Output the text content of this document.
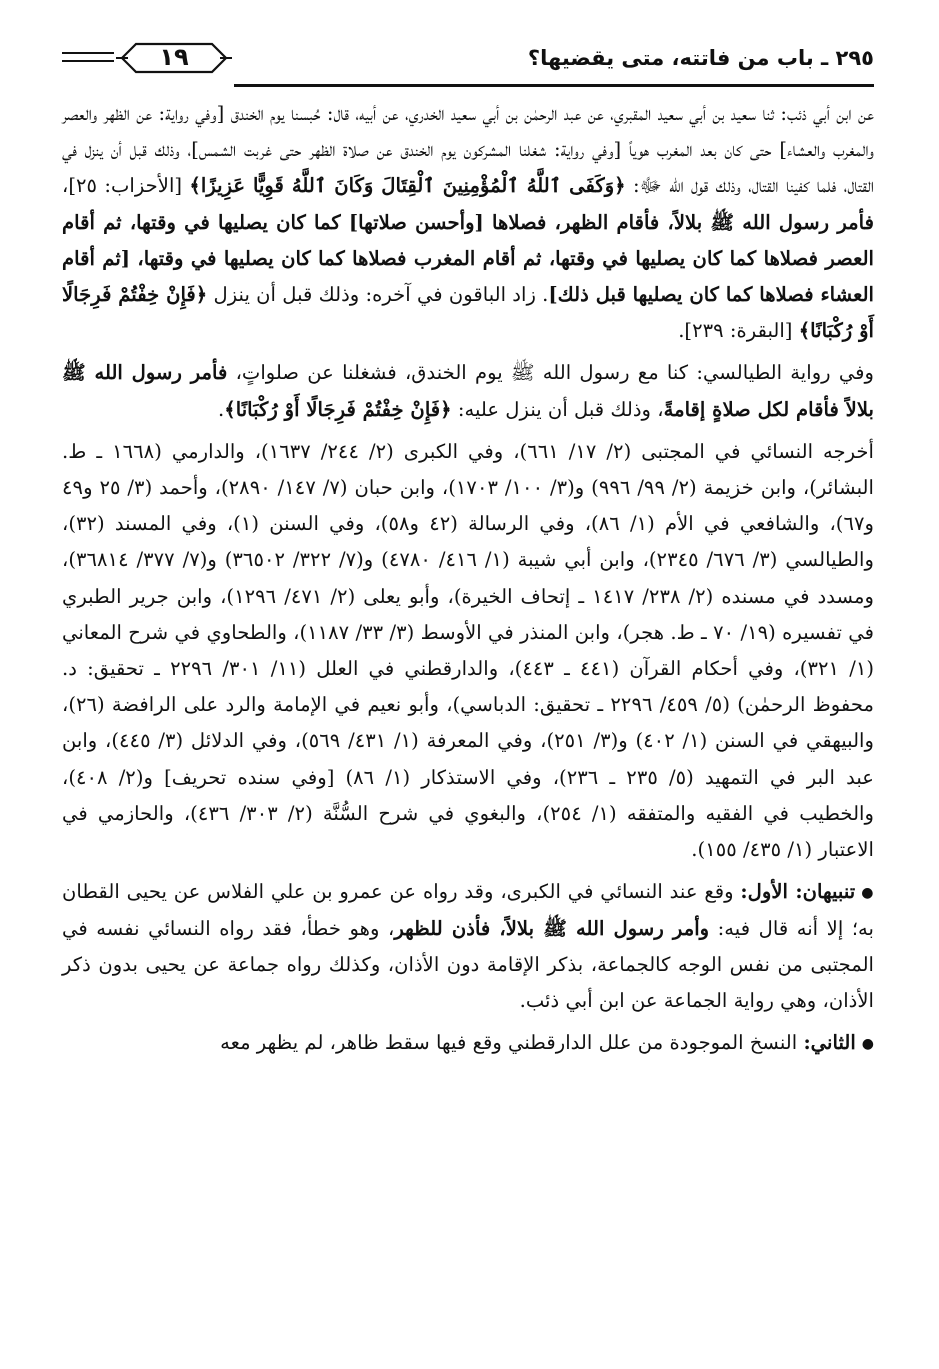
٢٩٥ ـ باب من فاتته، متى يقضيها؟
١٩

عن ابن أبي ذئب: ثنا سعيد بن أبي سعيد المقبري، عن عبد الرحمٰن بن أبي سعيد الخدري، عن أبيه، قال: حُبسنا يوم الخندق [وفي رواية: عن الظهر والعصر والمغرب والعشاء] حتى كان بعد المغرب هوياً [وفي رواية: شغلنا المشركون يوم الخندق عن صلاة الظهر حتى غربت الشمس]، وذلك قبل أن ينزل في القتال، فلما كفينا القتال، وذلك قول الله ﷻ: ﴿وَكَفَى ٱللَّهُ ٱلْمُؤْمِنِينَ ٱلْقِتَالَ وَكَانَ ٱللَّهُ قَوِيًّا عَزِيزًا﴾ [الأحزاب: ٢٥]، فأمر رسول الله ﷺ بلالاً، فأقام الظهر، فصلاها [وأحسن صلاتها] كما كان يصليها في وقتها، ثم أقام العصر فصلاها كما كان يصليها في وقتها، ثم أقام المغرب فصلاها كما كان يصليها في وقتها، [ثم أقام العشاء فصلاها كما كان يصليها قبل ذلك]. زاد الباقون في آخره: وذلك قبل أن ينزل ﴿فَإِنْ خِفْتُمْ فَرِجَالًا أَوْ رُكْبَانًا﴾ [البقرة: ٢٣٩].

وفي رواية الطيالسي: كنا مع رسول الله ﷺ يوم الخندق، فشغلنا عن صلواتٍ، فأمر رسول الله ﷺ بلالاً فأقام لكل صلاةٍ إقامةً، وذلك قبل أن ينزل عليه: ﴿فَإِنْ خِفْتُمْ فَرِجَالًا أَوْ رُكْبَانًا﴾.

أخرجه النسائي في المجتبى (٢/ ١٧/ ٦٦١)، وفي الكبرى (٢/ ٢٤٤/ ١٦٣٧)، والدارمي (١٦٦٨ ـ ط. البشائر)، وابن خزيمة (٢/ ٩٩/ ٩٩٦) و(٣/ ١٠٠/ ١٧٠٣)، وابن حبان (٧/ ١٤٧/ ٢٨٩٠)، وأحمد (٣/ ٢٥ و٤٩ و٦٧)، والشافعي في الأم (١/ ٨٦)، وفي الرسالة (٤٢ و٥٨)، وفي السنن (١)، وفي المسند (٣٢)، والطيالسي (٣/ ٦٧٦/ ٢٣٤٥)، وابن أبي شيبة (١/ ٤١٦/ ٤٧٨٠) و(٧/ ٣٢٢/ ٣٦٥٠٢) و(٧/ ٣٧٧/ ٣٦٨١٤)، ومسدد في مسنده (٢/ ٢٣٨/ ١٤١٧ ـ إتحاف الخيرة)، وأبو يعلى (٢/ ٤٧١/ ١٢٩٦)، وابن جرير الطبري في تفسيره (١٩/ ٧٠ ـ ط. هجر)، وابن المنذر في الأوسط (٣/ ٣٣/ ١١٨٧)، والطحاوي في شرح المعاني (١/ ٣٢١)، وفي أحكام القرآن (٤٤١ ـ ٤٤٣)، والدارقطني في العلل (١١/ ٣٠١/ ٢٢٩٦ ـ تحقيق: د. محفوظ الرحمٰن) (٥/ ٤٥٩/ ٢٢٩٦ ـ تحقيق: الدباسي)، وأبو نعيم في الإمامة والرد على الرافضة (٢٦)، والبيهقي في السنن (١/ ٤٠٢) و(٣/ ٢٥١)، وفي المعرفة (١/ ٤٣١/ ٥٦٩)، وفي الدلائل (٣/ ٤٤٥)، وابن عبد البر في التمهيد (٥/ ٢٣٥ ـ ٢٣٦)، وفي الاستذكار (١/ ٨٦) [وفي سنده تحريف] و(٢/ ٤٠٨)، والخطيب في الفقيه والمتفقه (١/ ٢٥٤)، والبغوي في شرح السُّنَّة (٢/ ٣٠٣/ ٤٣٦)، والحازمي في الاعتبار (١/ ٤٣٥/ ١٥٥).

●تنبيهان: الأول: وقع عند النسائي في الكبرى، وقد رواه عن عمرو بن علي الفلاس عن يحيى القطان به؛ إلا أنه قال فيه: وأمر رسول الله ﷺ بلالاً، فأذن للظهر، وهو خطأ، فقد رواه النسائي نفسه في المجتبى من نفس الوجه كالجماعة، بذكر الإقامة دون الأذان، وكذلك رواه جماعة عن يحيى بدون ذكر الأذان، وهي رواية الجماعة عن ابن أبي ذئب.

●الثاني: النسخ الموجودة من علل الدارقطني وقع فيها سقط ظاهر، لم يظهر معه
